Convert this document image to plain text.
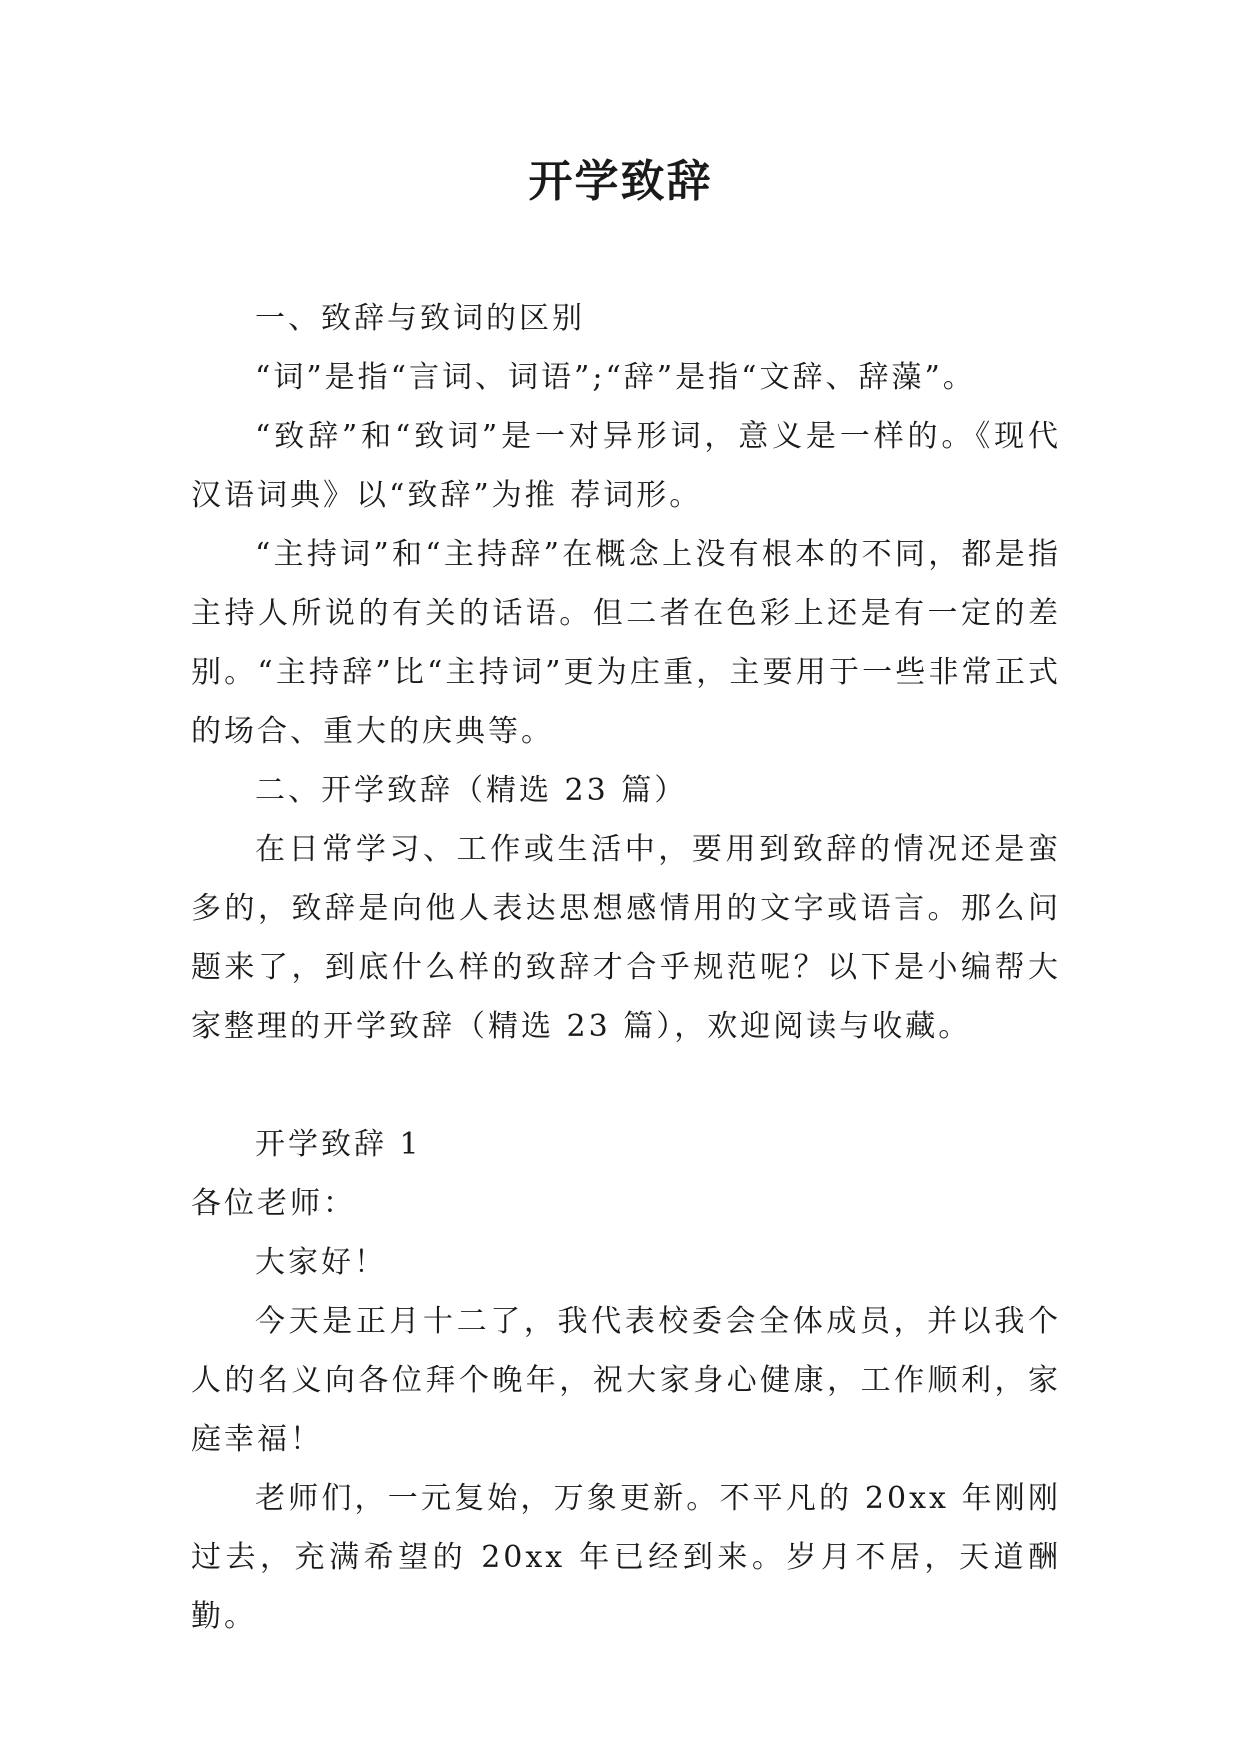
开学致辞

一、致辞与致词的区别

“词”是指“言词、词语”;“辞”是指“文辞、辞藻”。

“致辞”和“致词”是一对异形词，意义是一样的。《现代汉语词典》以“致辞”为推 荐词形。

“主持词”和“主持辞”在概念上没有根本的不同，都是指主持人所说的有关的话语。但二者在色彩上还是有一定的差别。“主持辞”比“主持词”更为庄重，主要用于一些非常正式的场合、重大的庆典等。

二、开学致辞（精选 23 篇）

在日常学习、工作或生活中，要用到致辞的情况还是蛮多的，致辞是向他人表达思想感情用的文字或语言。那么问题来了，到底什么样的致辞才合乎规范呢？以下是小编帮大家整理的开学致辞（精选 23 篇），欢迎阅读与收藏。

开学致辞 1

各位老师：

大家好！

今天是正月十二了，我代表校委会全体成员，并以我个人的名义向各位拜个晚年，祝大家身心健康，工作顺利，家庭幸福！

老师们，一元复始，万象更新。不平凡的 20xx 年刚刚过去，充满希望的 20xx 年已经到来。岁月不居，天道酬勤。
